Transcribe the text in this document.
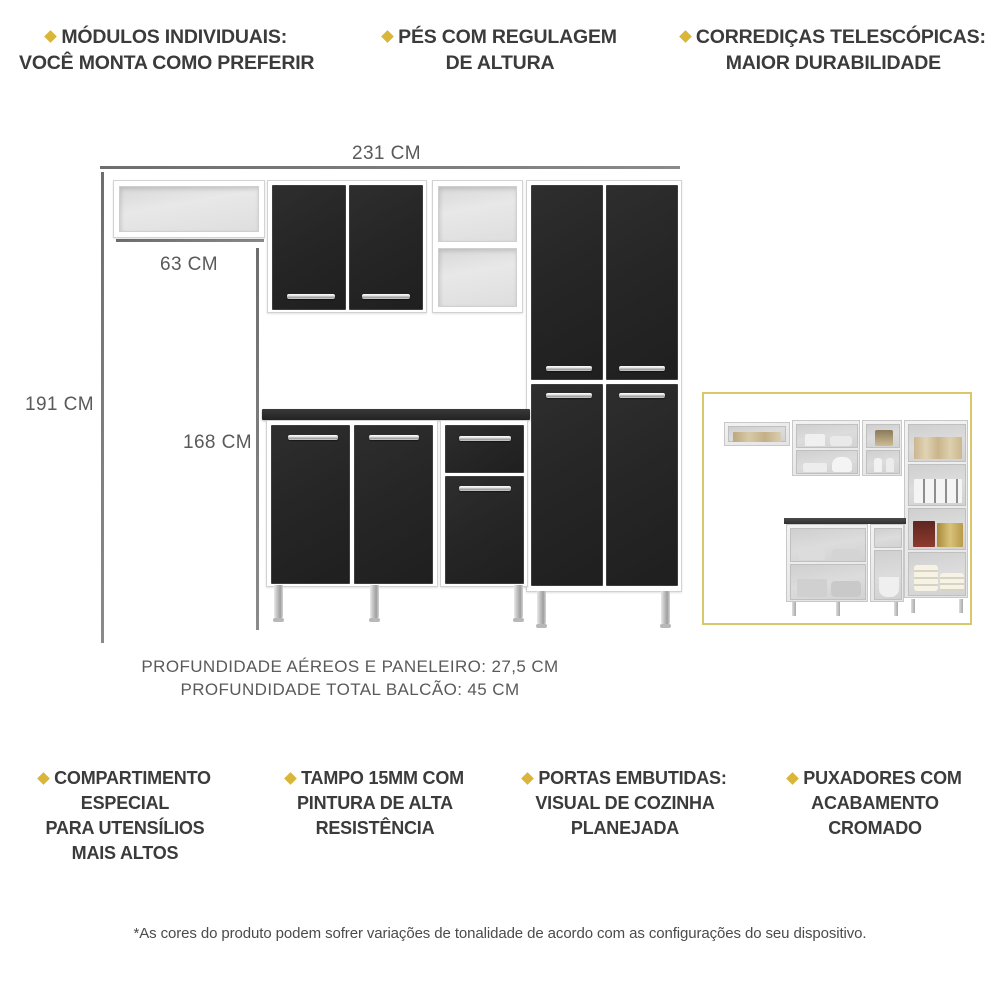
MÓDULOS INDIVIDUAIS:
VOCÊ MONTA COMO PREFERIR
PÉS COM REGULAGEM
DE ALTURA
CORREDIÇAS TELESCÓPICAS:
MAIOR DURABILIDADE
231 CM
191 CM
63 CM
168 CM
PROFUNDIDADE AÉREOS E PANELEIRO: 27,5 CM
PROFUNDIDADE TOTAL BALCÃO: 45 CM
COMPARTIMENTO ESPECIAL
PARA UTENSÍLIOS
MAIS ALTOS
TAMPO 15MM COM
PINTURA DE ALTA
RESISTÊNCIA
PORTAS EMBUTIDAS:
VISUAL DE COZINHA
PLANEJADA
PUXADORES COM
ACABAMENTO
CROMADO
*As cores do produto podem sofrer variações de tonalidade de acordo com as configurações do seu dispositivo.
